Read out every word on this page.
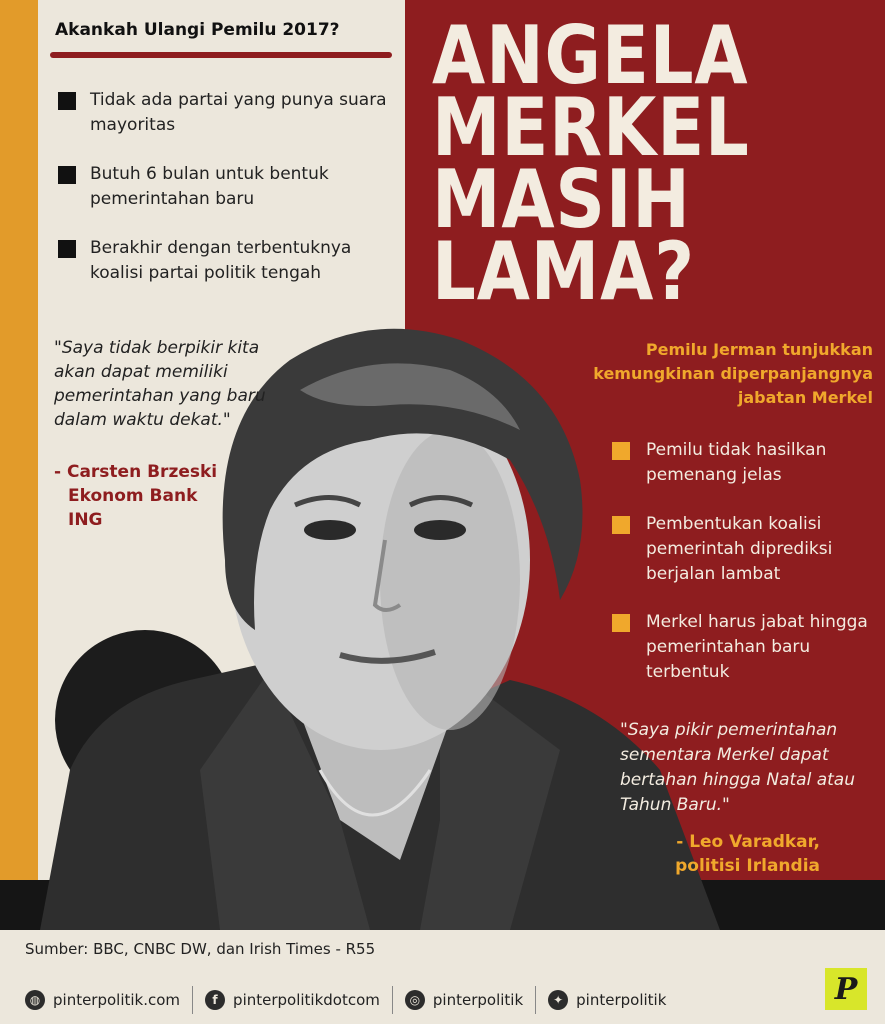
Akankah Ulangi Pemilu 2017?
Tidak ada partai yang punya suara mayoritas
Butuh 6 bulan untuk bentuk pemerintahan baru
Berakhir dengan terbentuknya koalisi partai politik tengah
"Saya tidak berpikir kita akan dapat memiliki pemerintahan yang baru dalam waktu dekat."
- Carsten Brzeski
Ekonom Bank
ING
ANGELA
MERKEL
MASIH
LAMA?
Pemilu Jerman tunjukkan kemungkinan diperpanjangnya jabatan Merkel
Pemilu tidak hasilkan pemenang jelas
Pembentukan koalisi pemerintah diprediksi berjalan lambat
Merkel harus jabat hingga pemerintahan baru terbentuk
"Saya pikir pemerintahan sementara Merkel dapat bertahan hingga Natal atau Tahun Baru."
- Leo Varadkar,
politisi Irlandia
Sumber: BBC, CNBC DW, dan Irish Times - R55
◍ pinterpolitik.com	f	pinterpolitikdotcom	◎ pinterpolitik	✦ pinterpolitik	P
